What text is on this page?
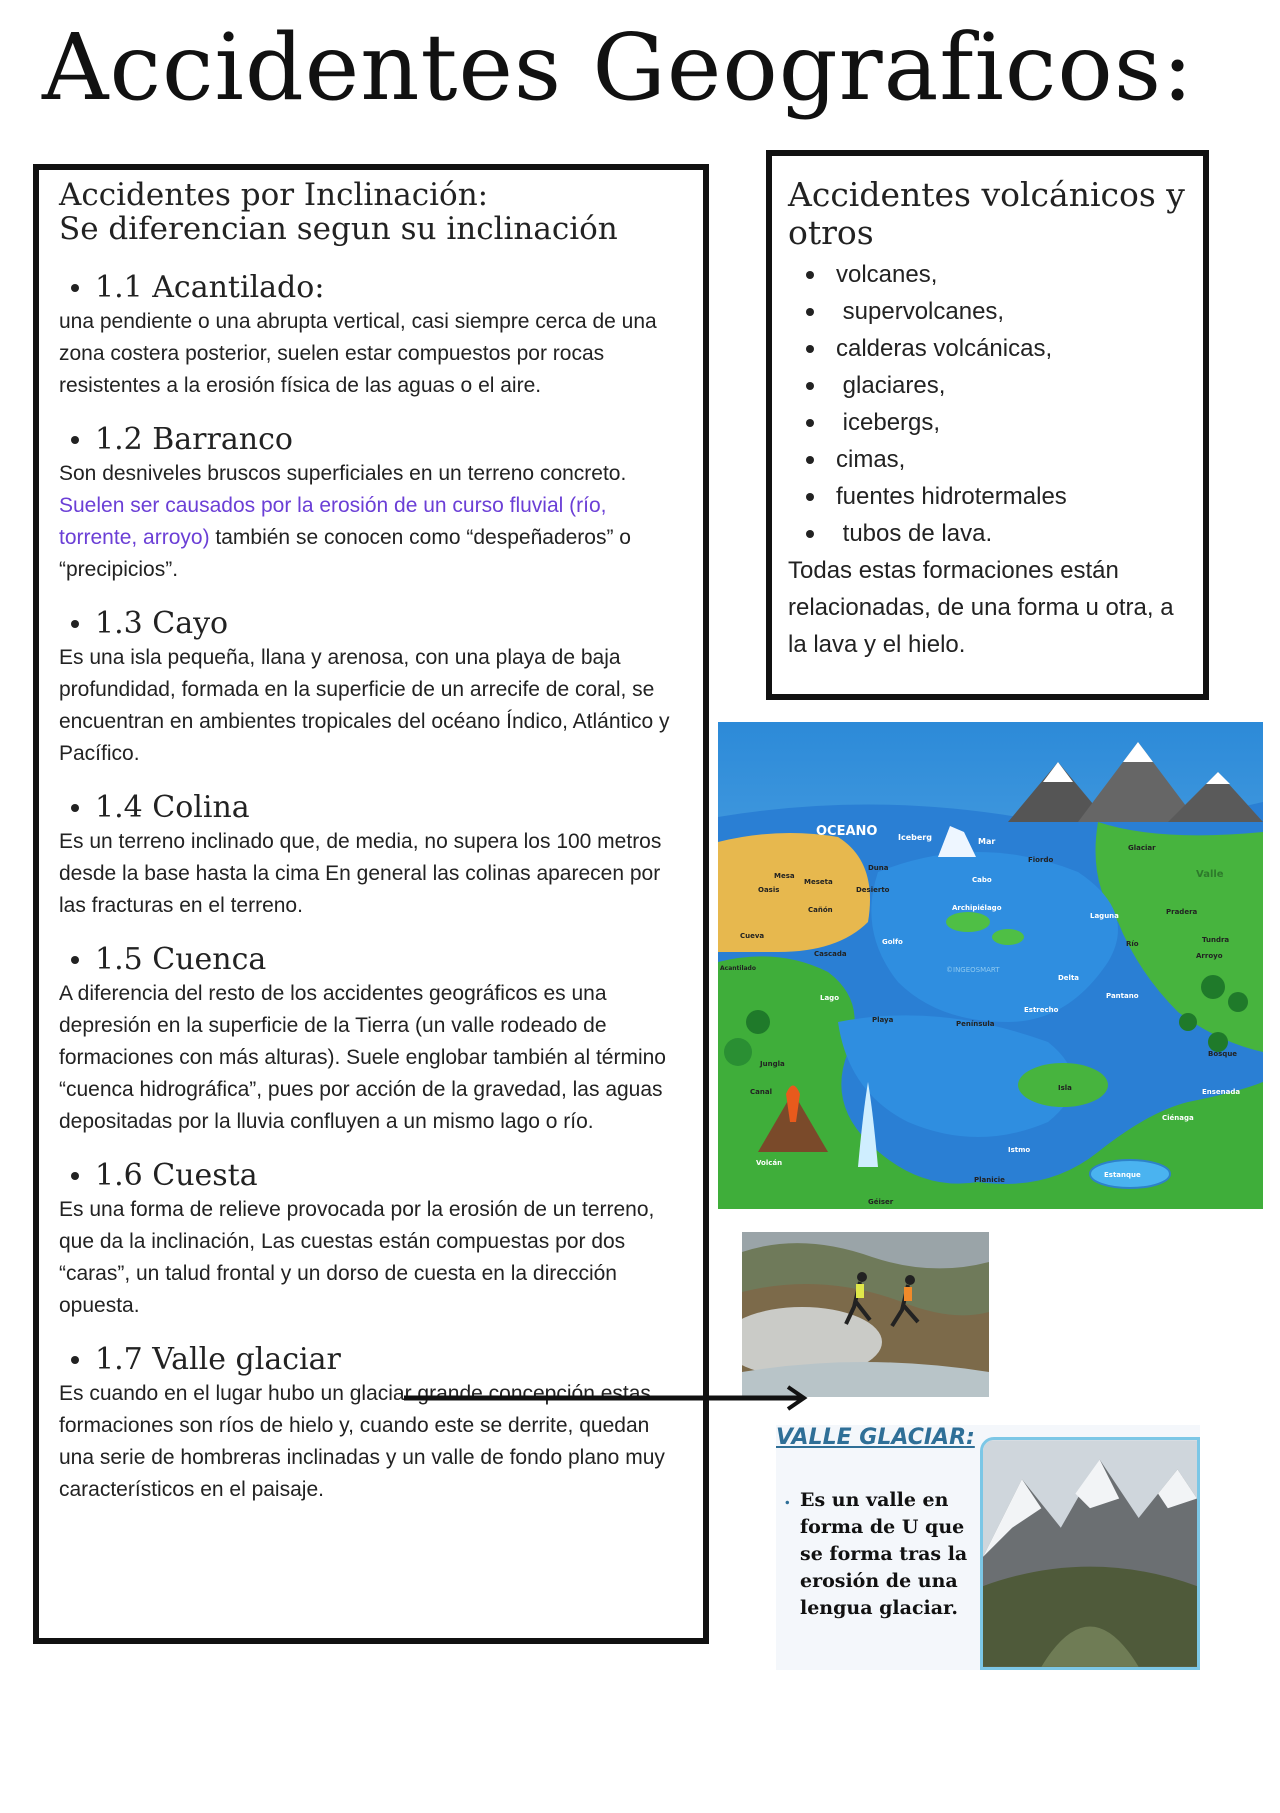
Accidentes Geograficos:
Accidentes por Inclinación:
Se diferencian segun su inclinación
1.1 Acantilado:
una pendiente o una abrupta vertical, casi siempre cerca de una zona costera posterior, suelen estar compuestos por rocas resistentes a la erosión física de las aguas o el aire.
1.2 Barranco
Son desniveles bruscos superficiales en un terreno concreto. Suelen ser causados por la erosión de un curso fluvial (río, torrente, arroyo) también se conocen como “despeñaderos” o “precipicios”.
1.3 Cayo
Es una isla pequeña, llana y arenosa, con una playa de baja profundidad, formada en la superficie de un arrecife de coral, se encuentran en ambientes tropicales del océano Índico, Atlántico y Pacífico.
1.4 Colina
Es un terreno inclinado que, de media, no supera los 100 metros desde la base hasta la cima En general las colinas aparecen por las fracturas en el terreno.
1.5 Cuenca
A diferencia del resto de los accidentes geográficos es una depresión en la superficie de la Tierra (un valle rodeado de formaciones con más alturas). Suele englobar también al término “cuenca hidrográfica”, pues por acción de la gravedad, las aguas depositadas por la lluvia confluyen a un mismo lago o río.
1.6 Cuesta
Es una forma de relieve provocada por la erosión de un terreno, que da la inclinación, Las cuestas están compuestas por dos “caras”, un talud frontal y un dorso de cuesta en la dirección opuesta.
1.7 Valle glaciar
Es cuando en el lugar hubo un glaciar grande concepción estas formaciones son ríos de hielo y, cuando este se derrite, quedan una serie de hombreras inclinadas y un valle de fondo plano muy característicos en el paisaje.
Accidentes volcánicos y otros
volcanes,
supervolcanes,
calderas volcánicas,
glaciares,
icebergs,
cimas,
fuentes hidrotermales
tubos de lava.
Todas estas formaciones están relacionadas, de una forma u otra, a la lava y el hielo.
OCEANO	Iceberg	Mar
Fiordo
Glaciar
Valle
Mesa
Oasis
Meseta
Duna
Desierto
Cañón
Cabo
Archipiélago
Laguna	Pradera
Río	Tundra
Arroyo
Cueva
Golfo
Cascada
Acantilado
Lago
Delta
Pantano
Estrecho
Playa	Península
Jungla
Bosque
Isla
Canal	Ensenada
Ciénaga
Volcán
Istmo
Planicie
Estanque
Géiser
©INGEOSMART
VALLE GLACIAR:
. Es un valle en forma de U que se forma tras la erosión de una lengua glaciar.
